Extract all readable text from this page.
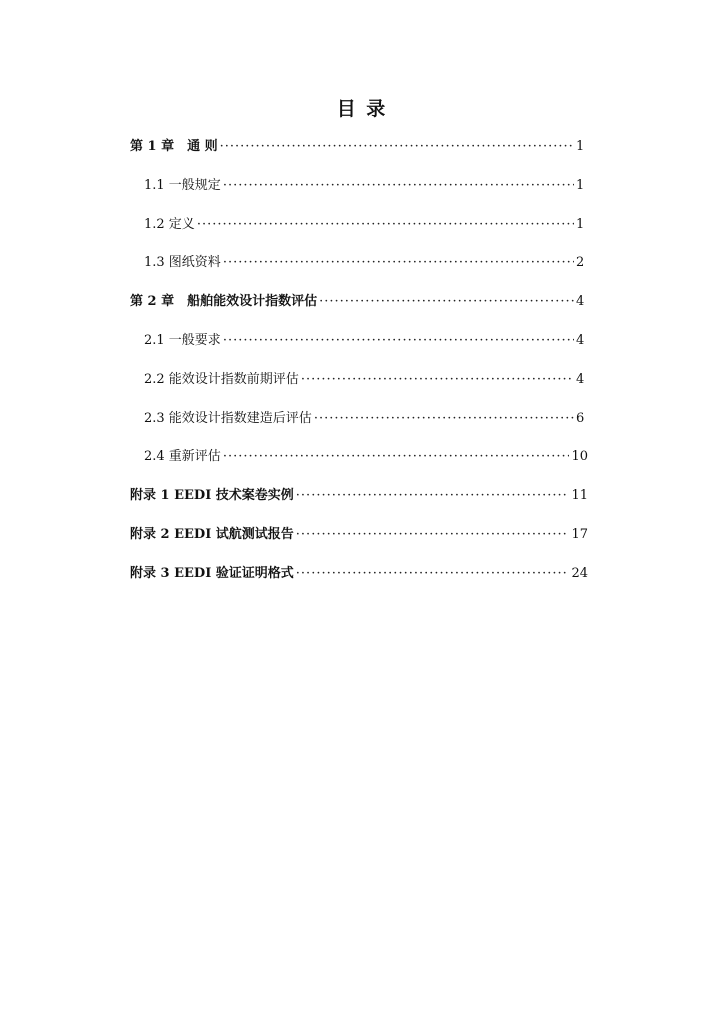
目 录
第 1 章　通 则 ·····	1
1.1 一般规定 ·····	1
1.2 定义 ·····	1
1.3 图纸资料 ·····	2
第 2 章　船舶能效设计指数评估 ·····	4
2.1 一般要求 ·····	4
2.2 能效设计指数前期评估 ·····	4
2.3 能效设计指数建造后评估 ·····	6
2.4 重新评估 ·····	10
附录 1 EEDI 技术案卷实例 ·····	11
附录 2 EEDI 试航测试报告 ·····	17
附录 3 EEDI 验证证明格式 ·····	24
